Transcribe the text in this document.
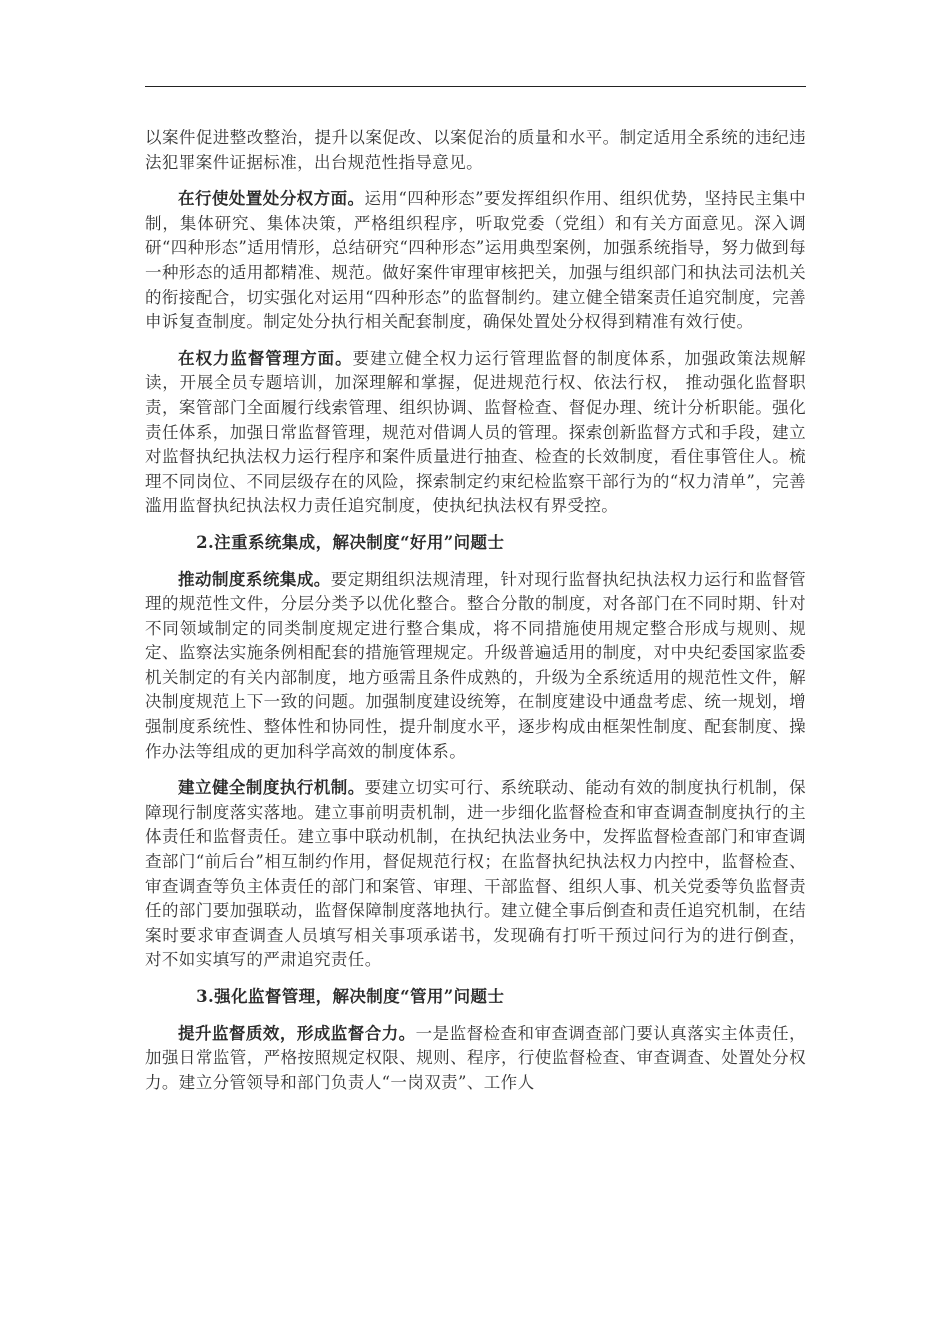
以案件促进整改整治，提升以案促改、以案促治的质量和水平。制定适用全系统的违纪违法犯罪案件证据标准，出台规范性指导意见。

在行使处置处分权方面。运用“四种形态”要发挥组织作用、组织优势，坚持民主集中制，集体研究、集体决策，严格组织程序，听取党委（党组）和有关方面意见。深入调研“四种形态”适用情形，总结研究“四种形态”运用典型案例，加强系统指导，努力做到每一种形态的适用都精准、规范。做好案件审理审核把关，加强与组织部门和执法司法机关的衔接配合，切实强化对运用“四种形态”的监督制约。建立健全错案责任追究制度，完善申诉复查制度。制定处分执行相关配套制度，确保处置处分权得到精准有效行使。

在权力监督管理方面。要建立健全权力运行管理监督的制度体系，加强政策法规解读，开展全员专题培训，加深理解和掌握，促进规范行权、依法行权， 推动强化监督职责，案管部门全面履行线索管理、组织协调、监督检查、督促办理、统计分析职能。强化责任体系，加强日常监督管理，规范对借调人员的管理。探索创新监督方式和手段，建立对监督执纪执法权力运行程序和案件质量进行抽查、检查的长效制度，看住事管住人。梳理不同岗位、不同层级存在的风险，探索制定约束纪检监察干部行为的“权力清单”，完善滥用监督执纪执法权力责任追究制度，使执纪执法权有界受控。

2.注重系统集成，解决制度“好用”问题士

推动制度系统集成。要定期组织法规清理，针对现行监督执纪执法权力运行和监督管理的规范性文件，分层分类予以优化整合。整合分散的制度，对各部门在不同时期、针对不同领域制定的同类制度规定进行整合集成，将不同措施使用规定整合形成与规则、规定、监察法实施条例相配套的措施管理规定。升级普遍适用的制度，对中央纪委国家监委机关制定的有关内部制度，地方亟需且条件成熟的，升级为全系统适用的规范性文件，解决制度规范上下一致的问题。加强制度建设统筹，在制度建设中通盘考虑、统一规划，增强制度系统性、整体性和协同性，提升制度水平，逐步构成由框架性制度、配套制度、操作办法等组成的更加科学高效的制度体系。

建立健全制度执行机制。要建立切实可行、系统联动、能动有效的制度执行机制，保障现行制度落实落地。建立事前明责机制，进一步细化监督检查和审查调查制度执行的主体责任和监督责任。建立事中联动机制，在执纪执法业务中，发挥监督检查部门和审查调查部门“前后台”相互制约作用，督促规范行权；在监督执纪执法权力内控中，监督检查、审查调查等负主体责任的部门和案管、审理、干部监督、组织人事、机关党委等负监督责任的部门要加强联动，监督保障制度落地执行。建立健全事后倒查和责任追究机制，在结案时要求审查调查人员填写相关事项承诺书，发现确有打听干预过问行为的进行倒查， 对不如实填写的严肃追究责任。

3.强化监督管理，解决制度“管用”问题士

提升监督质效，形成监督合力。一是监督检查和审查调查部门要认真落实主体责任，加强日常监管，严格按照规定权限、规则、程序，行使监督检查、审查调查、处置处分权力。建立分管领导和部门负责人“一岗双责”、工作人
